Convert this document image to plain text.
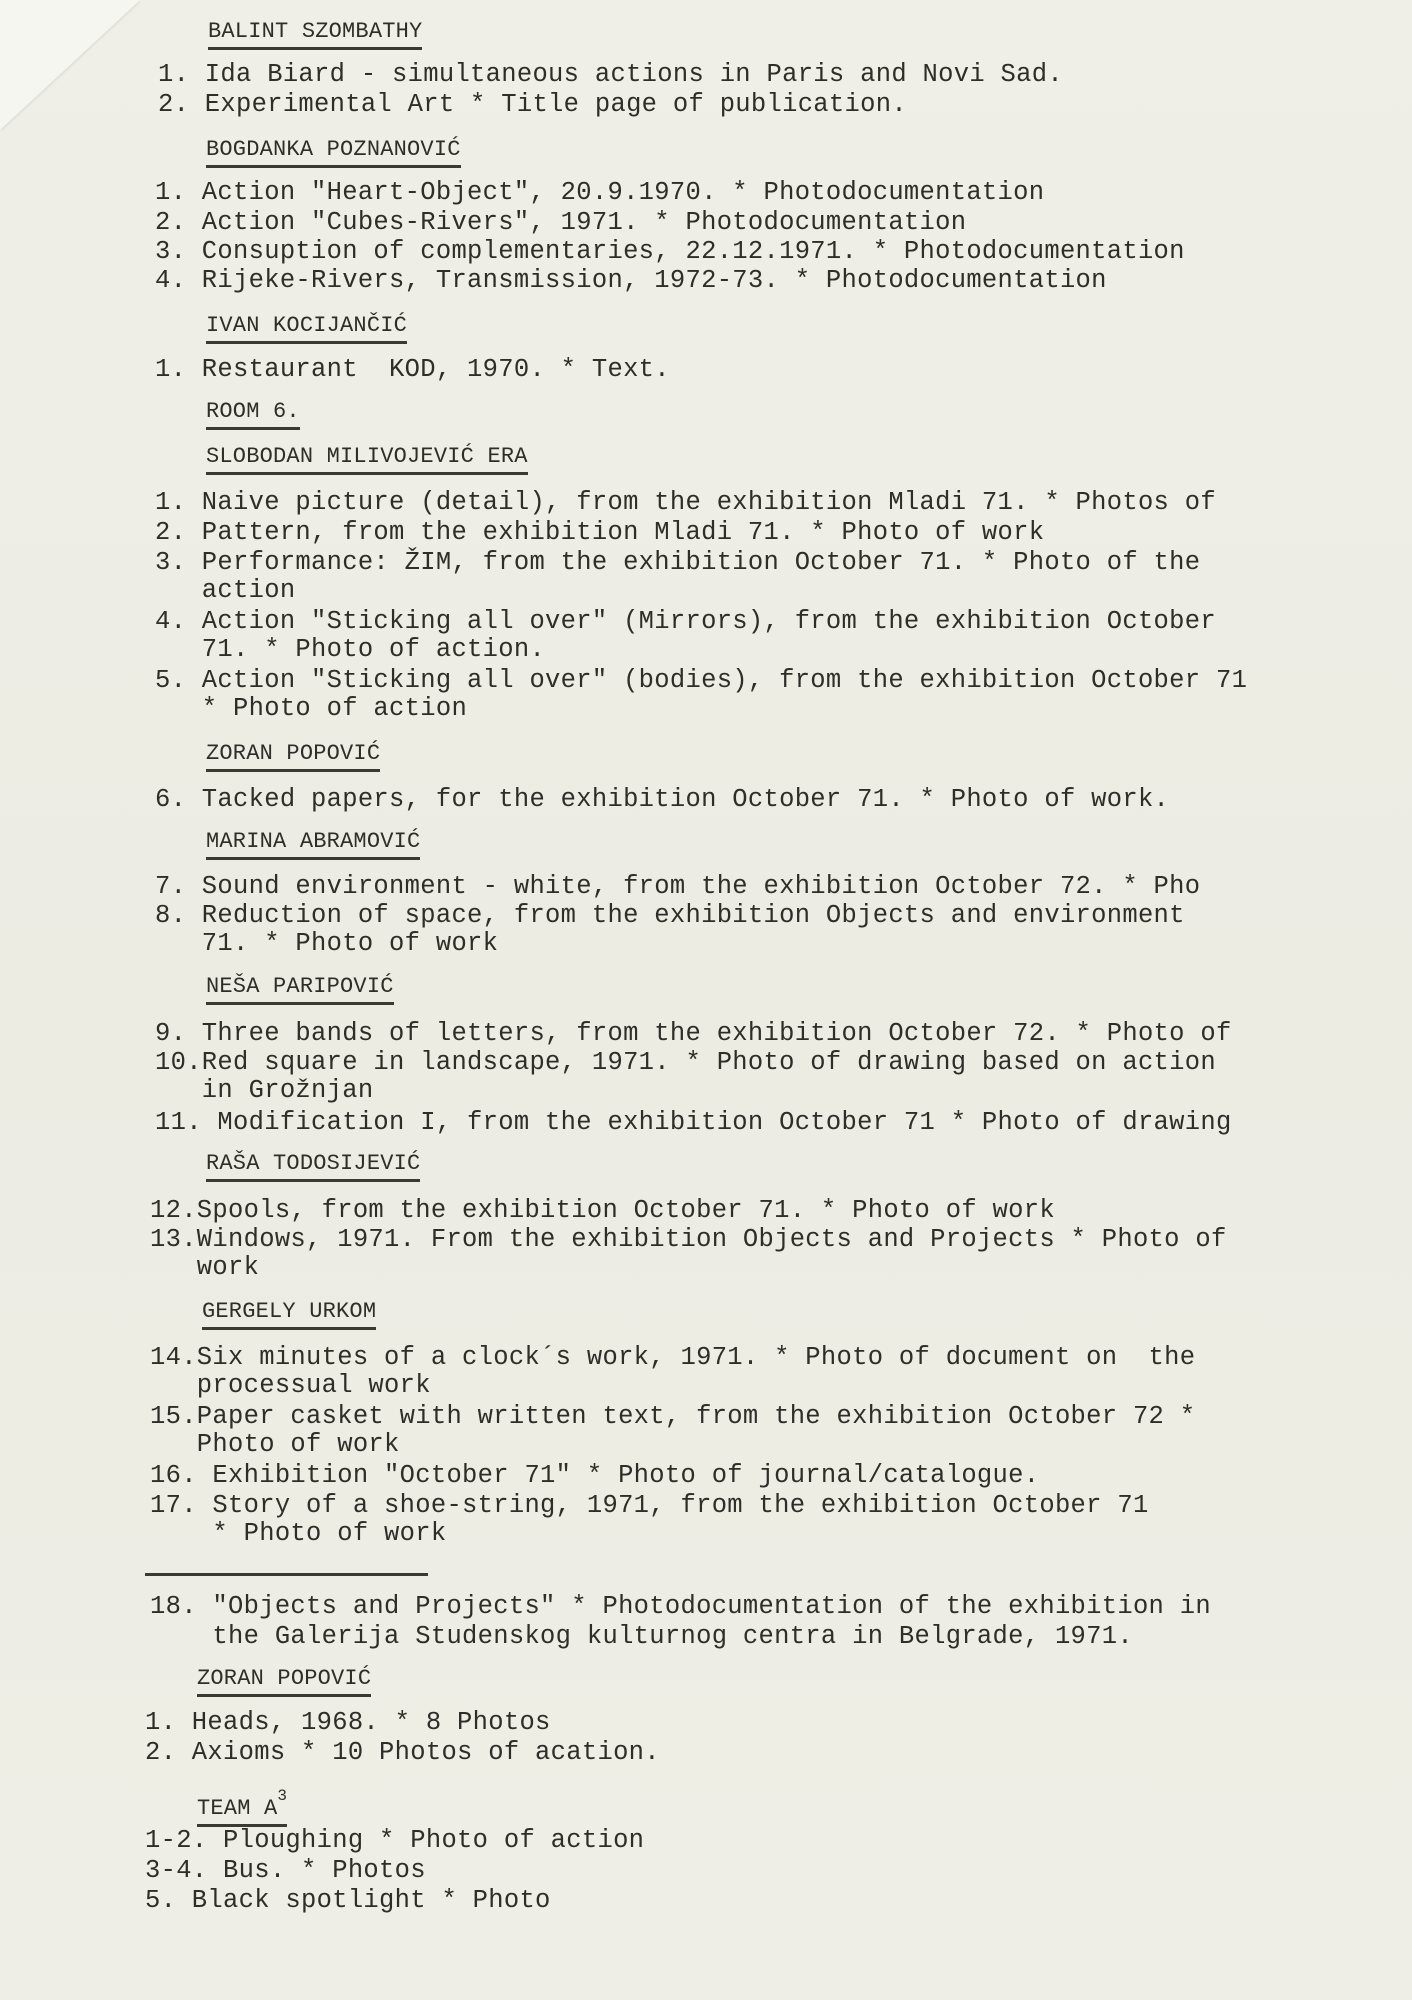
BALINT SZOMBATHY
1. Ida Biard - simultaneous actions in Paris and Novi Sad.
2. Experimental Art * Title page of publication.
BOGDANKA POZNANOVIĆ
1. Action "Heart-Object", 20.9.1970. * Photodocumentation
2. Action "Cubes-Rivers", 1971. * Photodocumentation
3. Consuption of complementaries, 22.12.1971. * Photodocumentation
4. Rijeke-Rivers, Transmission, 1972-73. * Photodocumentation
IVAN KOCIJANČIĆ
1. Restaurant  KOD, 1970. * Text.
ROOM 6.
SLOBODAN MILIVOJEVIĆ ERA
1. Naive picture (detail), from the exhibition Mladi 71. * Photos of
2. Pattern, from the exhibition Mladi 71. * Photo of work
3. Performance: ŽIM, from the exhibition October 71. * Photo of the
action
4. Action "Sticking all over" (Mirrors), from the exhibition October
71. * Photo of action.
5. Action "Sticking all over" (bodies), from the exhibition October 71
* Photo of action
ZORAN POPOVIĆ
6. Tacked papers, for the exhibition October 71. * Photo of work.
MARINA ABRAMOVIĆ
7. Sound environment - white, from the exhibition October 72. * Pho
8. Reduction of space, from the exhibition Objects and environment
71. * Photo of work
NEŠA PARIPOVIĆ
9. Three bands of letters, from the exhibition October 72. * Photo of
10.Red square in landscape, 1971. * Photo of drawing based on action
in Grožnjan
11. Modification I, from the exhibition October 71 * Photo of drawing
RAŠA TODOSIJEVIĆ
12.Spools, from the exhibition October 71. * Photo of work
13.Windows, 1971. From the exhibition Objects and Projects * Photo of
work
GERGELY URKOM
14.Six minutes of a clock´s work, 1971. * Photo of document on  the
processual work
15.Paper casket with written text, from the exhibition October 72 *
Photo of work
16. Exhibition "October 71" * Photo of journal/catalogue.
17. Story of a shoe-string, 1971, from the exhibition October 71
* Photo of work
18. "Objects and Projects" * Photodocumentation of the exhibition in
the Galerija Studenskog kulturnog centra in Belgrade, 1971.
ZORAN POPOVIĆ
1. Heads, 1968. * 8 Photos
2. Axioms * 10 Photos of acation.
TEAM $A^3$
1-2. Ploughing * Photo of action
3-4. Bus. * Photos
5. Black spotlight * Photo
